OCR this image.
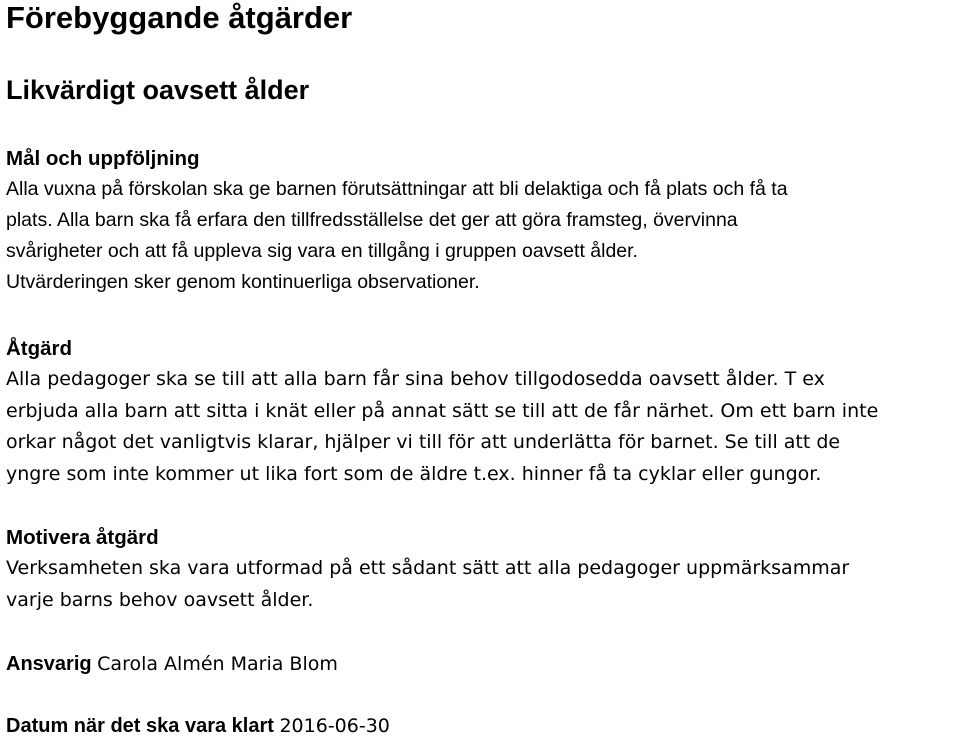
Förebyggande åtgärder
Likvärdigt oavsett ålder
Mål och uppföljning
Alla vuxna på förskolan ska ge barnen förutsättningar att bli delaktiga och få plats och få ta
plats. Alla barn ska få erfara den tillfredsställelse det ger att göra framsteg, övervinna
svårigheter och att få uppleva sig vara en tillgång i gruppen oavsett ålder.
Utvärderingen sker genom kontinuerliga observationer.
Åtgärd
Alla pedagoger ska se till att alla barn får sina behov tillgodosedda oavsett ålder. T ex
erbjuda alla barn att sitta i knät eller på annat sätt se till att de får närhet. Om ett barn inte
orkar något det vanligtvis klarar, hjälper vi till för att underlätta för barnet. Se till att de
yngre som inte kommer ut lika fort som de äldre t.ex. hinner få ta cyklar eller gungor.
Motivera åtgärd
Verksamheten ska vara utformad på ett sådant sätt att alla pedagoger uppmärksammar
varje barns behov oavsett ålder.
Ansvarig Carola Almén Maria Blom
Datum när det ska vara klart 2016-06-30
